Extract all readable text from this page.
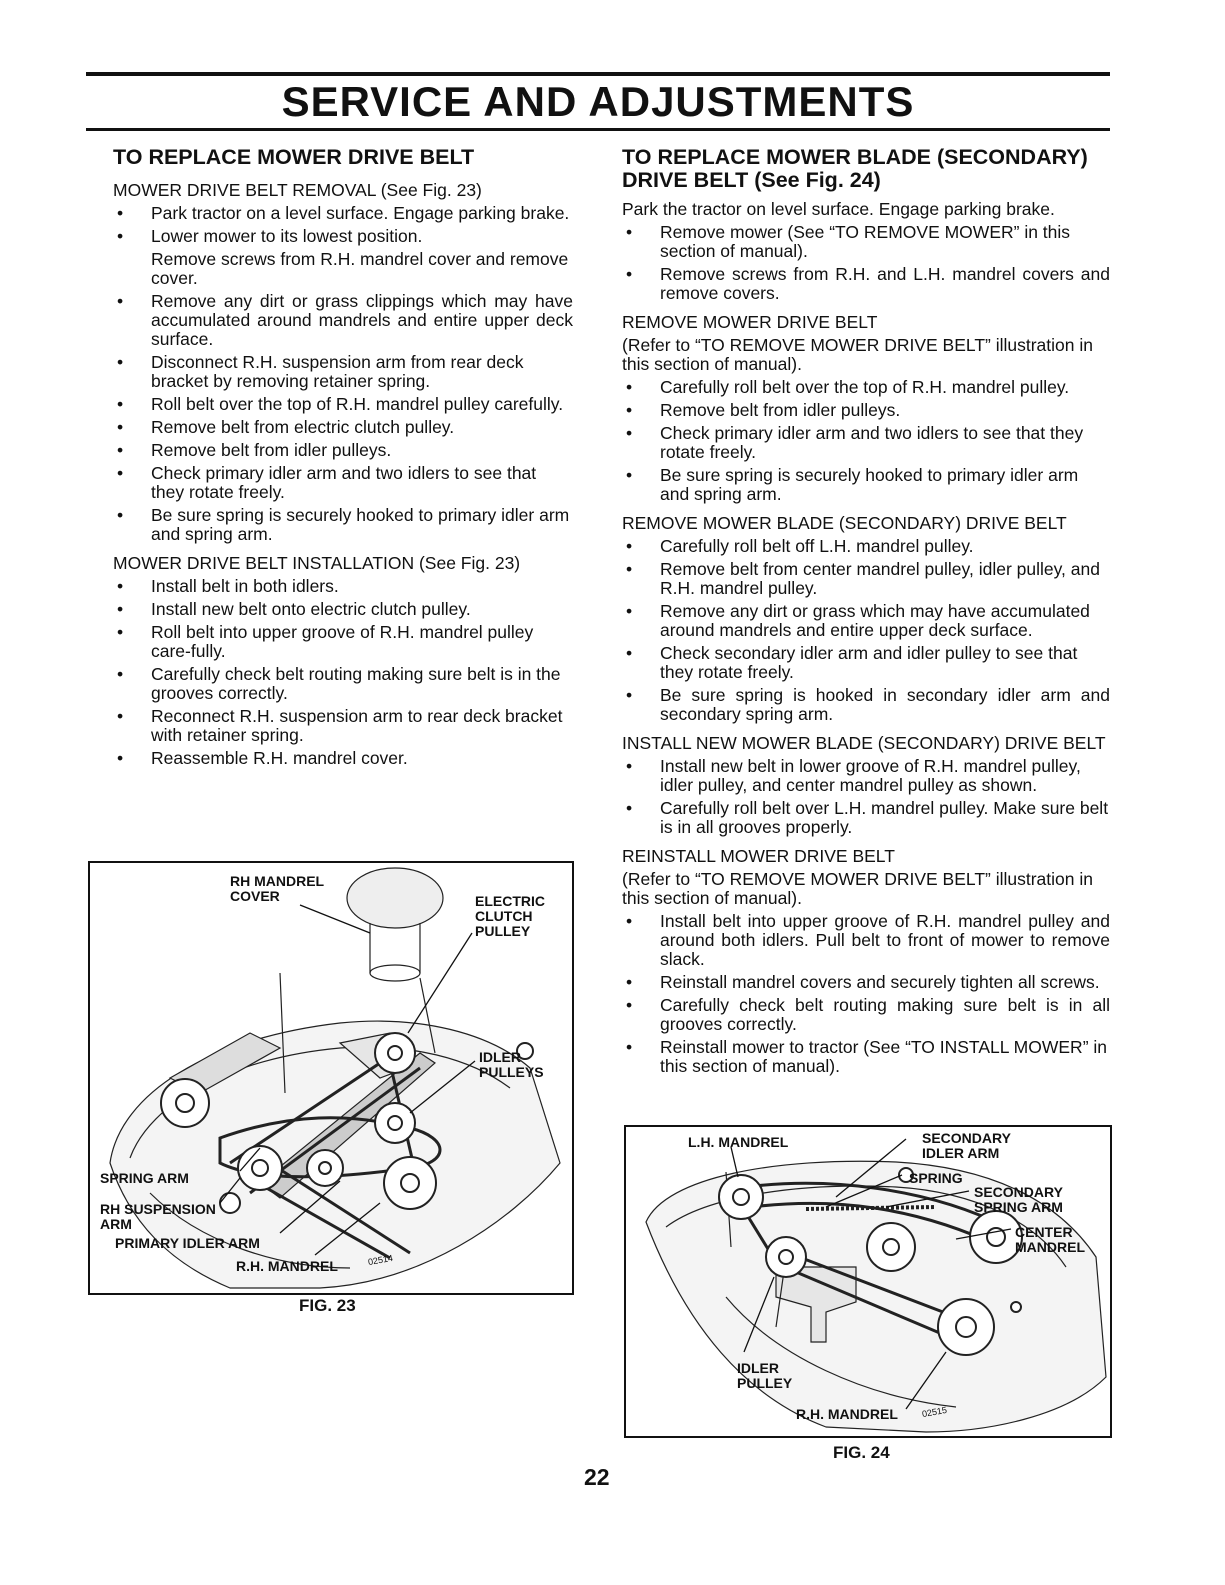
SERVICE AND ADJUSTMENTS
TO REPLACE MOWER DRIVE BELT

MOWER DRIVE BELT REMOVAL (See Fig. 23)

• Park tractor on a level surface. Engage parking brake.
• Lower mower to its lowest position.

Remove screws from R.H. mandrel cover and remove cover.

• Remove any dirt or grass clippings which may have accumulated around mandrels and entire upper deck surface.
• Disconnect R.H. suspension arm from rear deck bracket by removing retainer spring.
• Roll belt over the top of R.H. mandrel pulley carefully.
• Remove belt from electric clutch pulley.
• Remove belt from idler pulleys.
• Check primary idler arm and two idlers to see that they rotate freely.
• Be sure spring is securely hooked to primary idler arm and spring arm.

MOWER DRIVE BELT INSTALLATION (See Fig. 23)

• Install belt in both idlers.
• Install new belt onto electric clutch pulley.
• Roll belt into upper groove of R.H. mandrel pulley care-fully.
• Carefully check belt routing making sure belt is in the grooves correctly.
• Reconnect R.H. suspension arm to rear deck bracket with retainer spring.
• Reassemble R.H. mandrel cover.
TO REPLACE MOWER BLADE (SECONDARY) DRIVE BELT (See Fig. 24)

Park the tractor on level surface. Engage parking brake.

• Remove mower (See “TO REMOVE MOWER” in this section of manual).
• Remove screws from R.H. and L.H. mandrel covers and remove covers.

REMOVE MOWER DRIVE BELT

(Refer to “TO REMOVE MOWER DRIVE BELT” illustration in this section of manual).

• Carefully roll belt over the top of R.H. mandrel pulley.
• Remove belt from idler pulleys.
• Check primary idler arm and two idlers to see that they rotate freely.
• Be sure spring is securely hooked to primary idler arm and spring arm.

REMOVE MOWER BLADE (SECONDARY) DRIVE BELT

• Carefully roll belt off L.H. mandrel pulley.
• Remove belt from center mandrel pulley, idler pulley, and R.H. mandrel pulley.
• Remove any dirt or grass which may have accumulated around mandrels and entire upper deck surface.
• Check secondary idler arm and idler pulley to see that they rotate freely.
• Be sure spring is hooked in secondary idler arm and secondary spring arm.

INSTALL NEW MOWER BLADE (SECONDARY) DRIVE BELT

• Install new belt in lower groove of R.H. mandrel pulley, idler pulley, and center mandrel pulley as shown.
• Carefully roll belt over L.H. mandrel pulley. Make sure belt is in all grooves properly.

REINSTALL MOWER DRIVE BELT

(Refer to “TO REMOVE MOWER DRIVE BELT” illustration in this section of manual).

• Install belt into upper groove of R.H. mandrel pulley and around both idlers. Pull belt to front of mower to remove slack.
• Reinstall mandrel covers and securely tighten all screws.
• Carefully check belt routing making sure belt is in all grooves correctly.
• Reinstall mower to tractor (See “TO INSTALL MOWER” in this section of manual).
RH MANDREL
COVER	ELECTRIC
CLUTCH
PULLEY
IDLER
PULLEYS
SPRING ARM
RH SUSPENSION
ARM
PRIMARY IDLER ARM
R.H. MANDREL	02514
FIG. 23
L.H. MANDREL	SECONDARY
IDLER ARM
SPRING
SECONDARY
SPRING ARM
CENTER
MANDREL
IDLER
PULLEY
R.H. MANDREL	02515
FIG. 24
22
